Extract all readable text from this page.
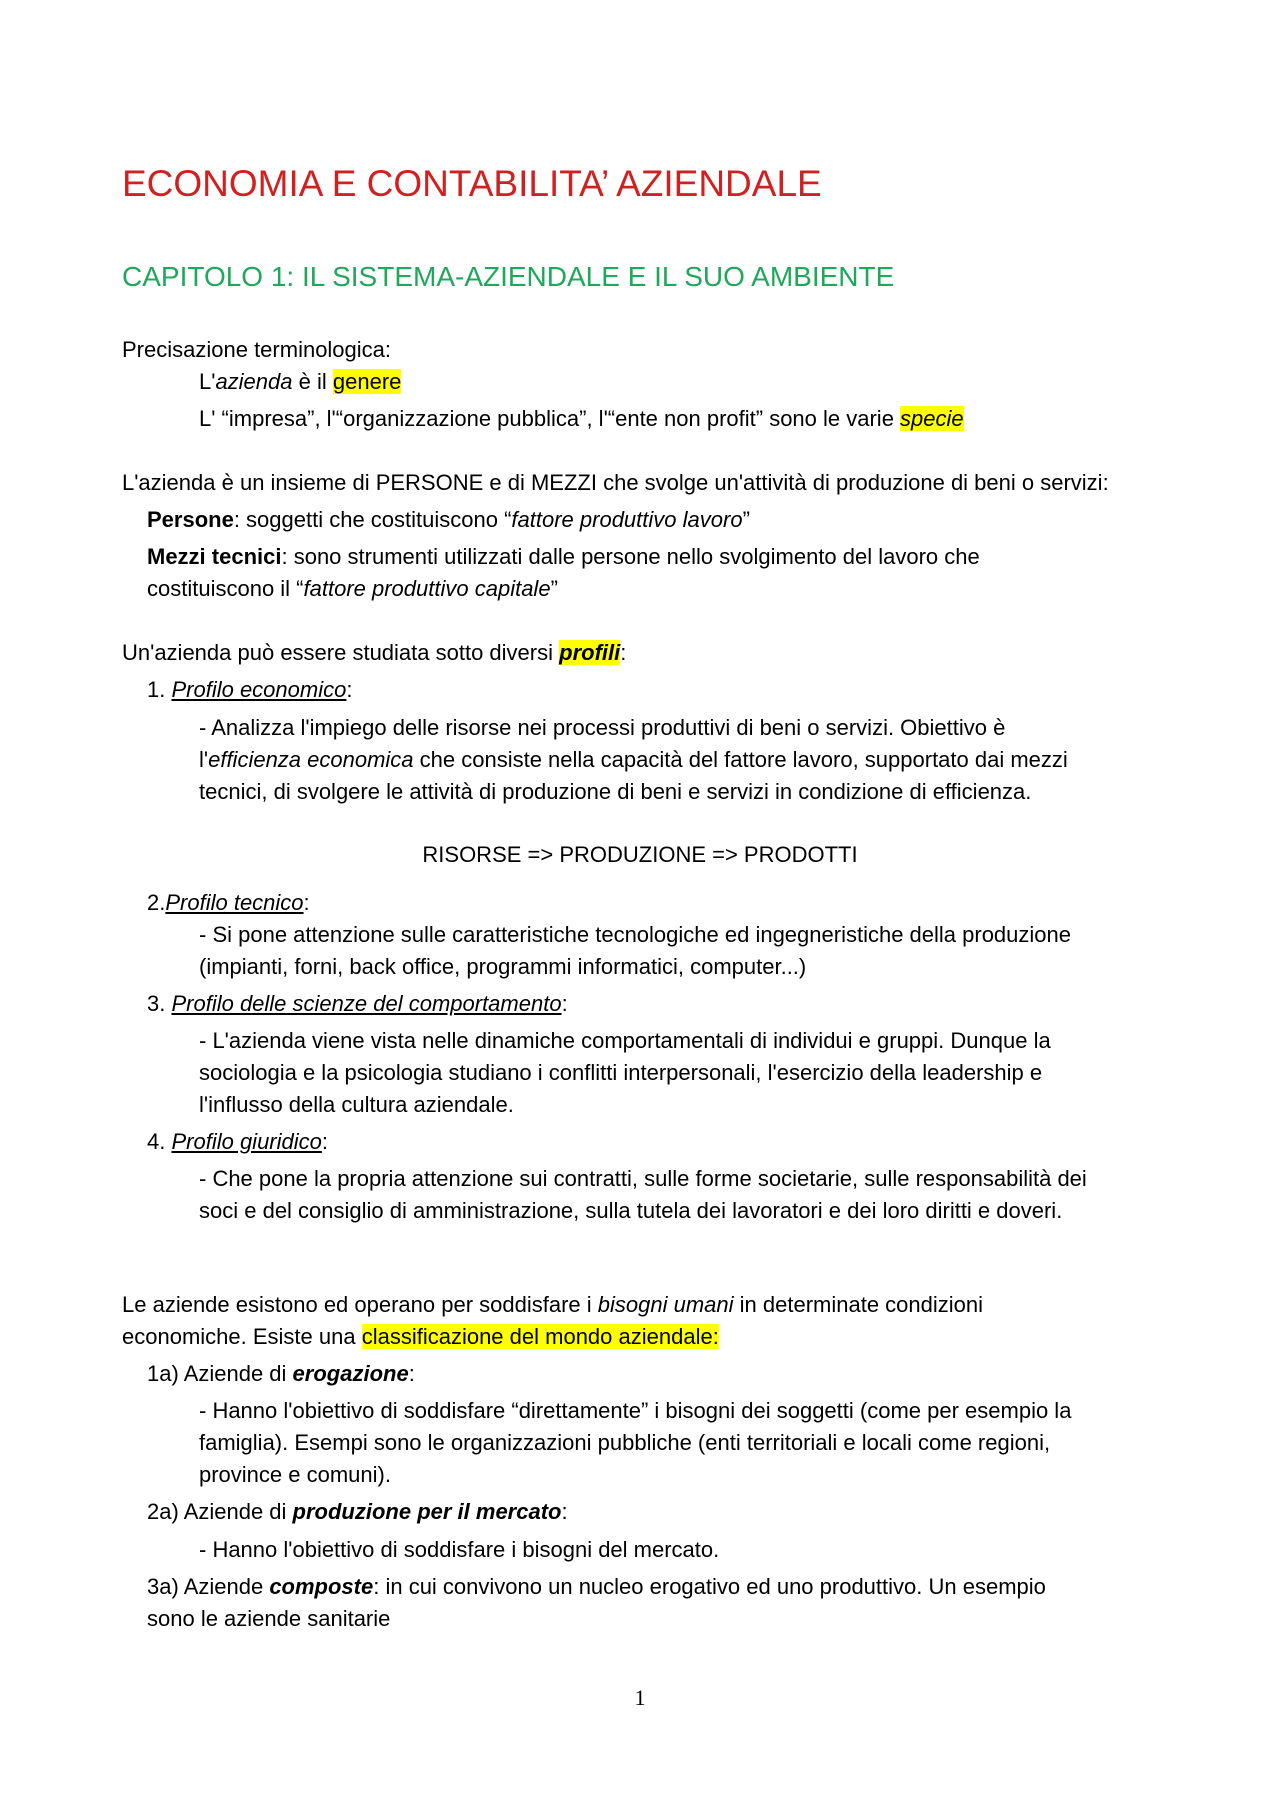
ECONOMIA E CONTABILITA’ AZIENDALE
CAPITOLO 1: IL SISTEMA-AZIENDALE E IL SUO AMBIENTE
Precisazione terminologica:
L'azienda è il genere
L' “impresa”, l'“organizzazione pubblica”, l'“ente non profit” sono le varie specie
L'azienda è un insieme di PERSONE e di MEZZI che svolge un'attività di produzione di beni o servizi:
Persone: soggetti che costituiscono “fattore produttivo lavoro”
Mezzi tecnici: sono strumenti utilizzati dalle persone nello svolgimento del lavoro che
costituiscono il “fattore produttivo capitale”
Un'azienda può essere studiata sotto diversi profili:
1. Profilo economico:
- Analizza l'impiego delle risorse nei processi produttivi di beni o servizi. Obiettivo è
l'efficienza economica che consiste nella capacità del fattore lavoro, supportato dai mezzi
tecnici, di svolgere le attività di produzione di beni e servizi in condizione di efficienza.
RISORSE => PRODUZIONE => PRODOTTI
2.Profilo tecnico:
- Si pone attenzione sulle caratteristiche tecnologiche ed ingegneristiche della produzione
(impianti, forni, back office, programmi informatici, computer...)
3. Profilo delle scienze del comportamento:
- L'azienda viene vista nelle dinamiche comportamentali di individui e gruppi. Dunque la
sociologia e la psicologia studiano i conflitti interpersonali, l'esercizio della leadership e
l'influsso della cultura aziendale.
4. Profilo giuridico:
- Che pone la propria attenzione sui contratti, sulle forme societarie, sulle responsabilità dei
soci e del consiglio di amministrazione, sulla tutela dei lavoratori e dei loro diritti e doveri.
Le aziende esistono ed operano per soddisfare i bisogni umani in determinate condizioni
economiche. Esiste una classificazione del mondo aziendale:
1a) Aziende di erogazione:
- Hanno l'obiettivo di soddisfare “direttamente” i bisogni dei soggetti (come per esempio la
famiglia). Esempi sono le organizzazioni pubbliche (enti territoriali e locali come regioni,
province e comuni).
2a) Aziende di produzione per il mercato:
- Hanno l'obiettivo di soddisfare i bisogni del mercato.
3a) Aziende composte: in cui convivono un nucleo erogativo ed uno produttivo. Un esempio
sono le aziende sanitarie
1
